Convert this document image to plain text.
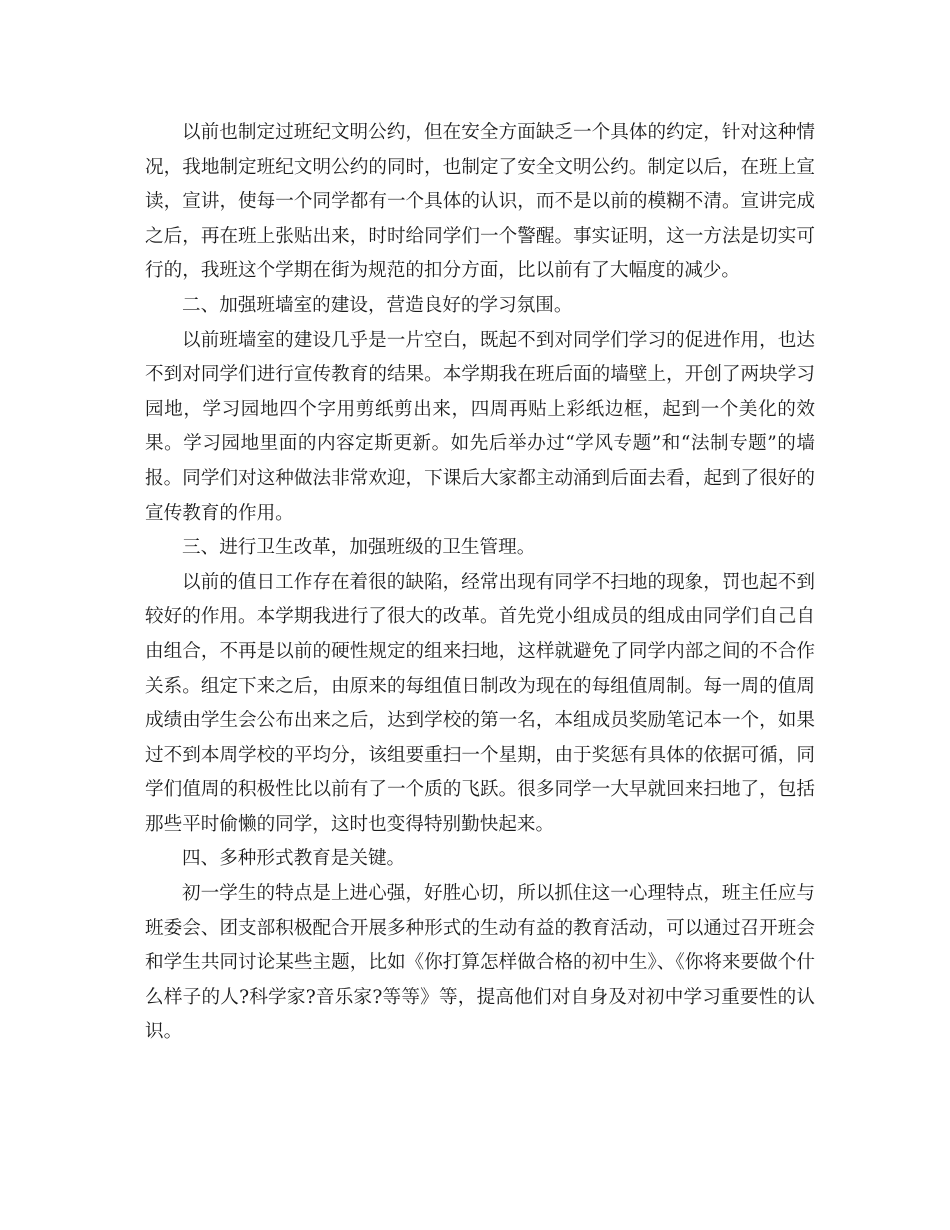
以前也制定过班纪文明公约，但在安全方面缺乏一个具体的约定，针对这种情况，我地制定班纪文明公约的同时，也制定了安全文明公约。制定以后，在班上宣读，宣讲，使每一个同学都有一个具体的认识，而不是以前的模糊不清。宣讲完成之后，再在班上张贴出来，时时给同学们一个警醒。事实证明，这一方法是切实可行的，我班这个学期在街为规范的扣分方面，比以前有了大幅度的减少。

二、加强班墙室的建设，营造良好的学习氛围。

以前班墙室的建设几乎是一片空白，既起不到对同学们学习的促进作用，也达不到对同学们进行宣传教育的结果。本学期我在班后面的墙壁上，开创了两块学习园地，学习园地四个字用剪纸剪出来，四周再贴上彩纸边框，起到一个美化的效果。学习园地里面的内容定斯更新。如先后举办过“学风专题”和“法制专题”的墙报。同学们对这种做法非常欢迎，下课后大家都主动涌到后面去看，起到了很好的宣传教育的作用。

三、进行卫生改革，加强班级的卫生管理。

以前的值日工作存在着很的缺陷，经常出现有同学不扫地的现象，罚也起不到较好的作用。本学期我进行了很大的改革。首先党小组成员的组成由同学们自己自由组合，不再是以前的硬性规定的组来扫地，这样就避免了同学内部之间的不合作关系。组定下来之后，由原来的每组值日制改为现在的每组值周制。每一周的值周成绩由学生会公布出来之后，达到学校的第一名，本组成员奖励笔记本一个，如果过不到本周学校的平均分，该组要重扫一个星期，由于奖惩有具体的依据可循，同学们值周的积极性比以前有了一个质的飞跃。很多同学一大早就回来扫地了，包括那些平时偷懒的同学，这时也变得特别勤快起来。

四、多种形式教育是关键。

初一学生的特点是上进心强，好胜心切，所以抓住这一心理特点，班主任应与班委会、团支部积极配合开展多种形式的生动有益的教育活动，可以通过召开班会和学生共同讨论某些主题，比如《你打算怎样做合格的初中生》、《你将来要做个什么样子的人?科学家?音乐家?等等》等，提高他们对自身及对初中学习重要性的认识。
